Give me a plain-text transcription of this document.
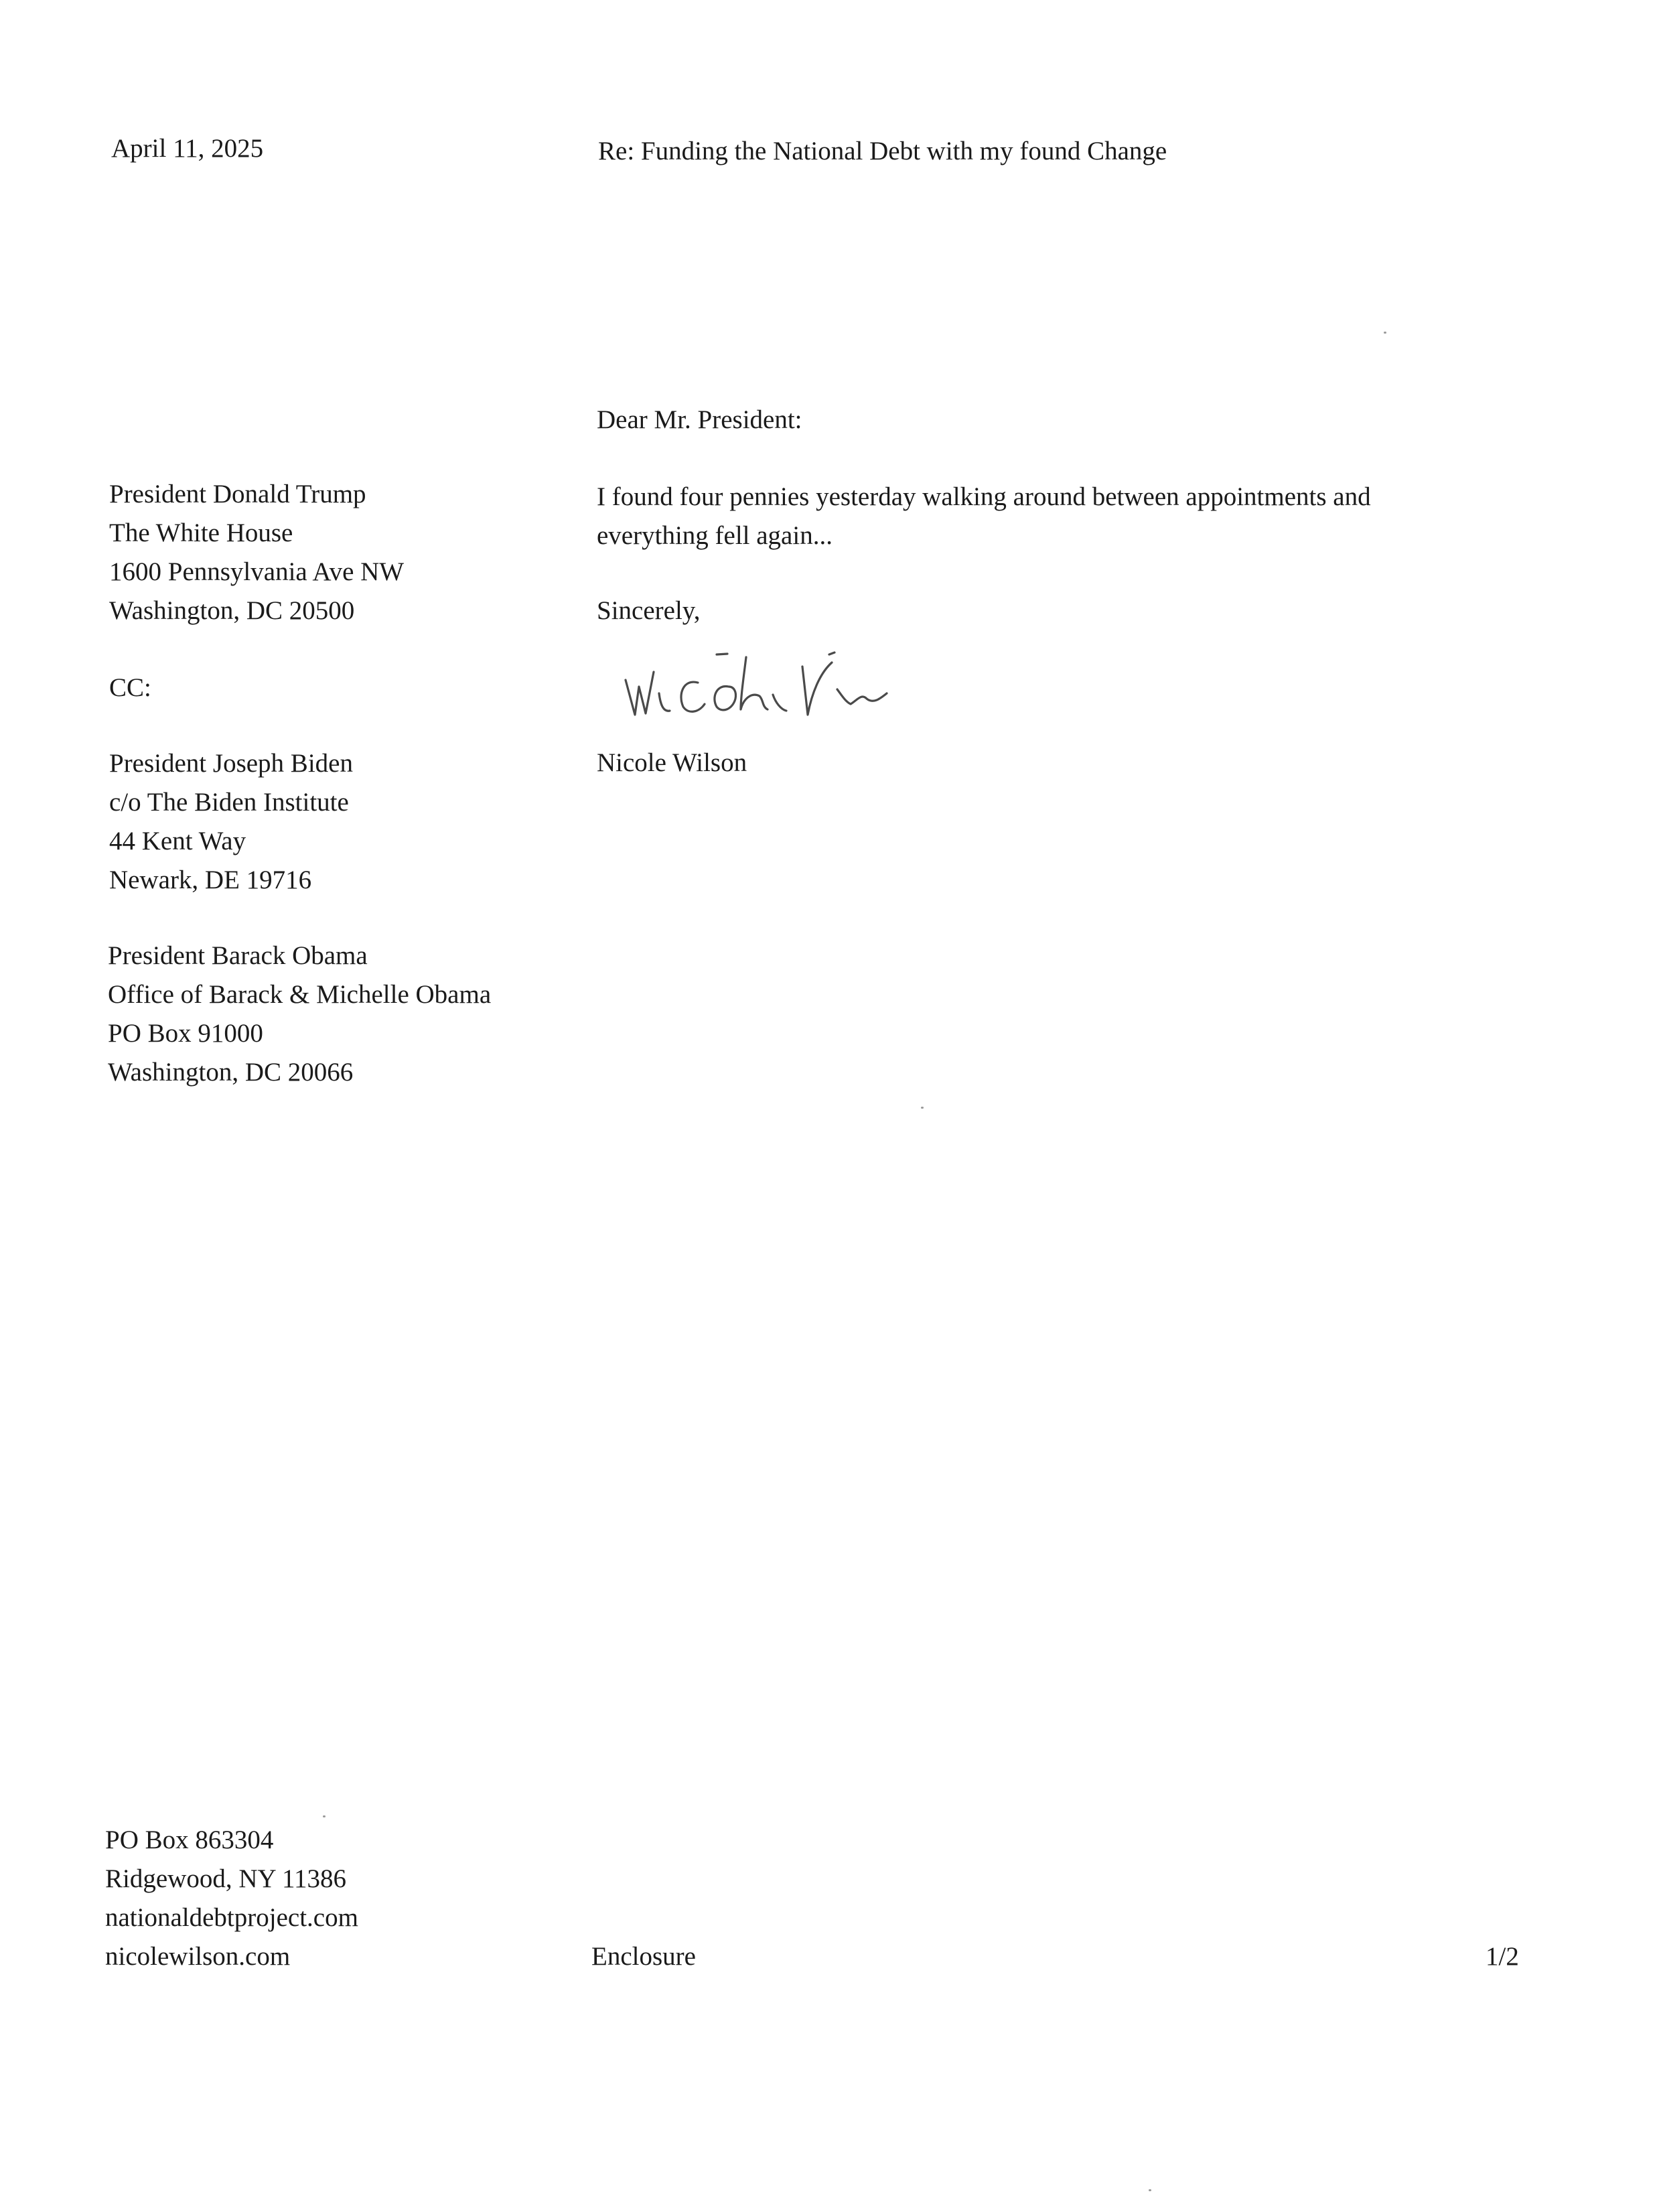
April 11, 2025	Re: Funding the National Debt with my found Change
President Donald Trump
The White House
1600 Pennsylvania Ave NW
Washington, DC 20500
CC:
President Joseph Biden
c/o The Biden Institute
44 Kent Way
Newark, DE 19716
President Barack Obama
Office of Barack & Michelle Obama
PO Box 91000
Washington, DC 20066
Dear Mr. President:
I found four pennies yesterday walking around between appointments and
everything fell again...
Sincerely,
Nicole Wilson
PO Box 863304
Ridgewood, NY 11386
nationaldebtproject.com
nicolewilson.com	Enclosure	1/2
